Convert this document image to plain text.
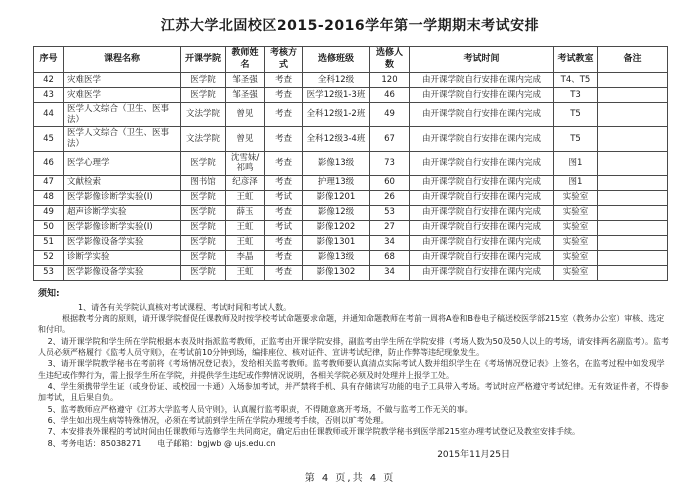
江苏大学北固校区2015-2016学年第一学期期末考试安排
序号	课程名称	开课学院	教师姓名	考核方式	选修班级	选修人数	考试时间	考试教室	备注
42	灾难医学	医学院	邹圣强	考查	全科12级	120	由开课学院自行安排在课内完成	T4、T5	
43	灾难医学	医学院	邹圣强	考查	医学12级1-3班	46	由开课学院自行安排在课内完成	T3	
44	医学人文综合（卫生、医事法）	文法学院	曾见	考查	全科12级1-2班	49	由开课学院自行安排在课内完成	T5	
45	医学人文综合（卫生、医事法）	文法学院	曾见	考查	全科12级3-4班	67	由开课学院自行安排在课内完成	T5	
46	医学心理学	医学院	沈雪妹/祁鸣	考查	影像13级	73	由开课学院自行安排在课内完成	图1	
47	文献检索	图书馆	纪彦泽	考查	护理13级	60	由开课学院自行安排在课内完成	图1	
48	医学影像诊断学实验(I)	医学院	王虹	考试	影像1201	26	由开课学院自行安排在课内完成	实验室	
49	超声诊断学实验	医学院	薛玉	考查	影像12级	53	由开课学院自行安排在课内完成	实验室	
50	医学影像诊断学实验(I)	医学院	王虹	考试	影像1202	27	由开课学院自行安排在课内完成	实验室	
51	医学影像设备学实验	医学院	王虹	考查	影像1301	34	由开课学院自行安排在课内完成	实验室	
52	诊断学实验	医学院	李晶	考查	影像13级	68	由开课学院自行安排在课内完成	实验室	
53	医学影像设备学实验	医学院	王虹	考查	影像1302	34	由开课学院自行安排在课内完成	实验室	
须知:

1、请各有关学院认真核对考试课程、考试时间和考试人数。

根据教考分离的原则，请开课学院督促任课教师及时按学校考试命题要求命题，并通知命题教师在考前一周将A卷和B卷电子稿送校医学部215室（教务办公室）审核、选定和付印。

2、请开课学院和学生所在学院根据本表及时指派监考教师，正监考由开课学院安排，副监考由学生所在学院安排（考场人数为50及50人以上的考场，请安排两名副监考）。监考人员必须严格履行《监考人员守则》，在考试前10分钟到场，编排座位、核对证件、宣讲考试纪律，防止作弊等违纪现象发生。

3、请开课学院教学秘书在考前将《考场情况登记表》，发给相关监考教师。监考教师要认真清点实际考试人数并组织学生在《考场情况登记表》上签名，在监考过程中如发现学生违纪或作弊行为，需上报学生所在学院，并提供学生违纪或作弊情况说明，各相关学院必须及时处理并上报学工处。

4、学生须携带学生证（或身份证、或校园一卡通）入场参加考试，并严禁将手机、具有存储读写功能的电子工具带入考场。考试时应严格遵守考试纪律。无有效证件者，不得参加考试，且后果自负。

5、监考教师应严格遵守《江苏大学监考人员守则》，认真履行监考职责，不得随意离开考场，不做与监考工作无关的事。

6、学生如出现生病等特殊情况，必须在考试前到学生所在学院办理缓考手续，否则以旷考处理。

7、本安排表外课程的考试时间由任课教师与选修学生共同商定，确定后由任课教师或开课学院教学秘书到医学部215室办理考试登记及教室安排手续。

8、考务电话：85038271　　电子邮箱：bgjwb @ ujs.edu.cn

2015年11月25日
第 4 页,共 4 页
